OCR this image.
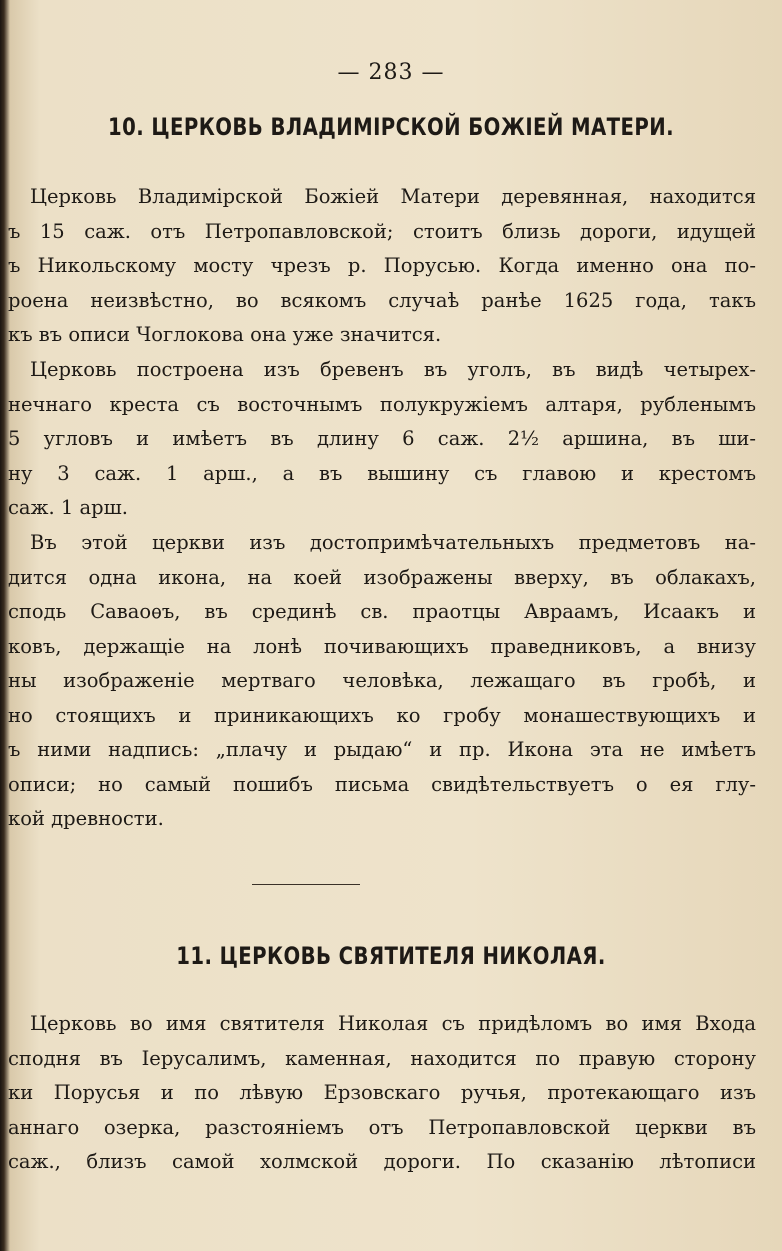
— 283 —
10. ЦЕРКОВЬ ВЛАДИМІРСКОЙ БОЖІЕЙ МАТЕРИ.
Церковь Владимірской Божіей Матери деревянная, находится
ъ 15 саж. отъ Петропавловской; стоитъ близь дороги, идущей
ъ Никольскому мосту чрезъ р. Порусью. Когда именно она по-
роена неизвѣстно, во всякомъ случаѣ ранѣе 1625 года, такъ
къ въ описи Чоглокова она уже значится.
Церковь построена изъ бревенъ въ уголъ, въ видѣ четырех-
нечнаго креста съ восточнымъ полукружіемъ алтаря, рубленымъ
5 угловъ и имѣетъ въ длину 6 саж. 2½ аршина, въ ши-
ну 3 саж. 1 арш., а въ вышину съ главою и крестомъ
саж. 1 арш.
Въ этой церкви изъ достопримѣчательныхъ предметовъ на-
дится одна икона, на коей изображены вверху, въ облакахъ,
сподь Саваоѳъ, въ срединѣ св. праотцы Авраамъ, Исаакъ и
ковъ, держащіе на лонѣ почивающихъ праведниковъ, а внизу
ны изображеніе мертваго человѣка, лежащаго въ гробѣ, и
но стоящихъ и приникающихъ ко гробу монашествующихъ и
ъ ними надпись: „плачу и рыдаю“ и пр. Икона эта не имѣетъ
описи; но самый пошибъ письма свидѣтельствуетъ о ея глу-
кой древности.
11. ЦЕРКОВЬ СВЯТИТЕЛЯ НИКОЛАЯ.
Церковь во имя святителя Николая съ придѣломъ во имя Входа
сподня въ Іерусалимъ, каменная, находится по правую сторону
ки Порусья и по лѣвую Ерзовскаго ручья, протекающаго изъ
аннаго озерка, разстояніемъ отъ Петропавловской церкви въ
саж., близъ самой холмской дороги. По сказанію лѣтописи
